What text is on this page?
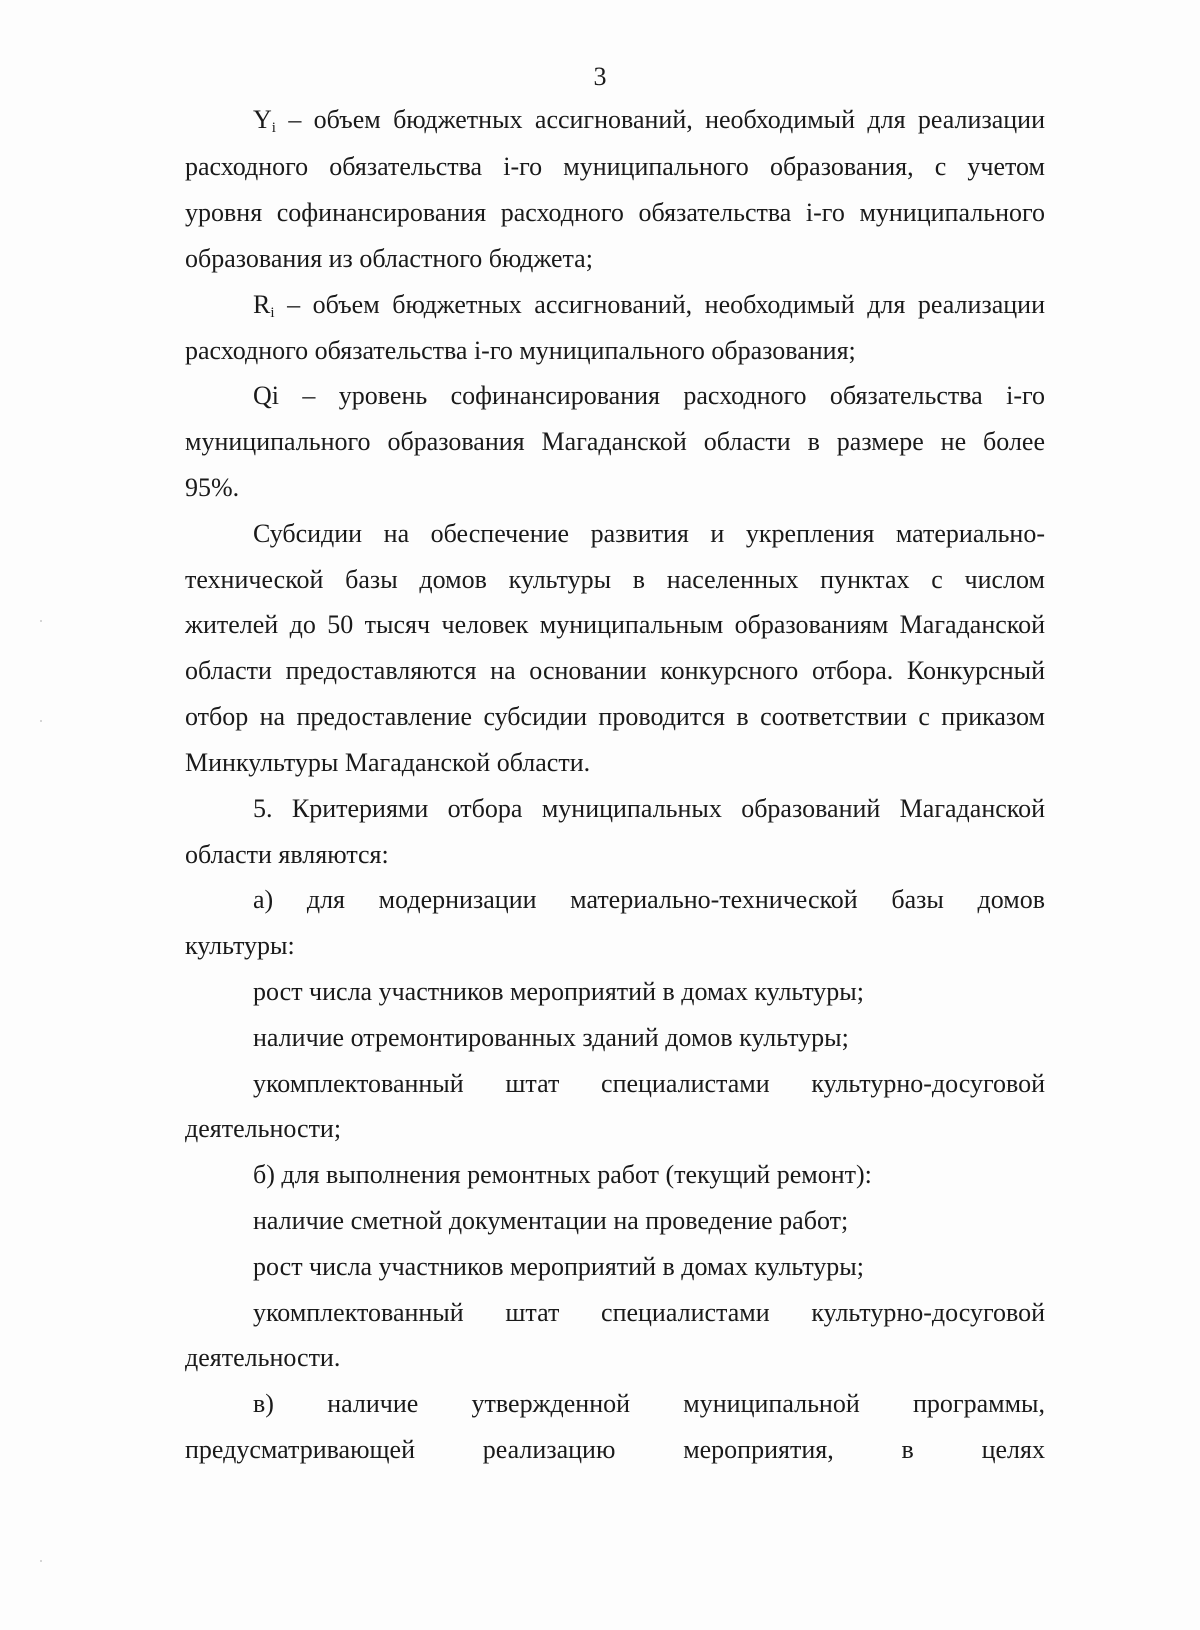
3
$Y_i$ – объем бюджетных ассигнований, необходимый для реализации
расходного обязательства i-го муниципального образования, с учетом
уровня софинансирования расходного обязательства i-го муниципального
образования из областного бюджета;
$R_i$ – объем бюджетных ассигнований, необходимый для реализации
расходного обязательства i-го муниципального образования;
Qi – уровень софинансирования расходного обязательства i-го
муниципального образования Магаданской области в размере не более
95%.
Субсидии на обеспечение развития и укрепления материально-
технической базы домов культуры в населенных пунктах с числом
жителей до 50 тысяч человек муниципальным образованиям Магаданской
области предоставляются на основании конкурсного отбора. Конкурсный
отбор на предоставление субсидии проводится в соответствии с приказом
Минкультуры Магаданской области.
5. Критериями отбора муниципальных образований Магаданской
области являются:
а) для модернизации материально-технической базы домов
культуры:
рост числа участников мероприятий в домах культуры;
наличие отремонтированных зданий домов культуры;
укомплектованный штат специалистами культурно-досуговой
деятельности;
б) для выполнения ремонтных работ (текущий ремонт):
наличие сметной документации на проведение работ;
рост числа участников мероприятий в домах культуры;
укомплектованный штат специалистами культурно-досуговой
деятельности.
в) наличие утвержденной муниципальной программы,
предусматривающей реализацию мероприятия, в целях
